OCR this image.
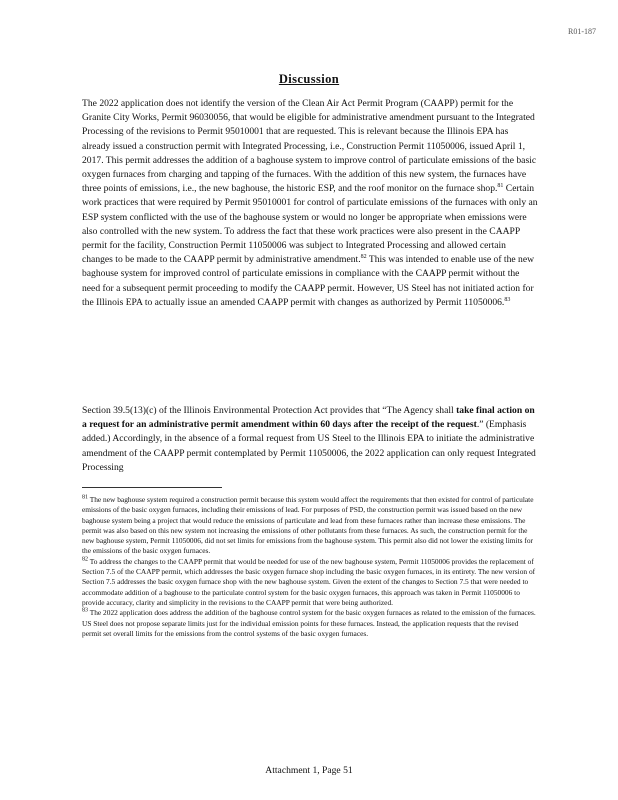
R01-187

Discussion

The 2022 application does not identify the version of the Clean Air Act Permit Program (CAAPP) permit for the Granite City Works, Permit 96030056, that would be eligible for administrative amendment pursuant to the Integrated Processing of the revisions to Permit 95010001 that are requested. This is relevant because the Illinois EPA has already issued a construction permit with Integrated Processing, i.e., Construction Permit 11050006, issued April 1, 2017. This permit addresses the addition of a baghouse system to improve control of particulate emissions of the basic oxygen furnaces from charging and tapping of the furnaces. With the addition of this new system, the furnaces have three points of emissions, i.e., the new baghouse, the historic ESP, and the roof monitor on the furnace shop.$^{81}$ Certain work practices that were required by Permit 95010001 for control of particulate emissions of the furnaces with only an ESP system conflicted with the use of the baghouse system or would no longer be appropriate when emissions were also controlled with the new system. To address the fact that these work practices were also present in the CAAPP permit for the facility, Construction Permit 11050006 was subject to Integrated Processing and allowed certain changes to be made to the CAAPP permit by administrative amendment.$^{82}$ This was intended to enable use of the new baghouse system for improved control of particulate emissions in compliance with the CAAPP permit without the need for a subsequent permit proceeding to modify the CAAPP permit. However, US Steel has not initiated action for the Illinois EPA to actually issue an amended CAAPP permit with changes as authorized by Permit 11050006.83

Section 39.5(13)(c) of the Illinois Environmental Protection Act provides that “The Agency shall take final action on a request for an administrative permit amendment within 60 days after the receipt of the request.” (Emphasis added.) Accordingly, in the absence of a formal request from US Steel to the Illinois EPA to initiate the administrative amendment of the CAAPP permit contemplated by Permit 11050006, the 2022 application can only request Integrated Processing

$^{81}$ The new baghouse system required a construction permit because this system would affect the requirements that then existed for control of particulate emissions of the basic oxygen furnaces, including their emissions of lead. For purposes of PSD, the construction permit was issued based on the new baghouse system being a project that would reduce the emissions of particulate and lead from these furnaces rather than increase these emissions. The permit was also based on this new system not increasing the emissions of other pollutants from these furnaces. As such, the construction permit for the new baghouse system, Permit 11050006, did not set limits for emissions from the baghouse system. This permit also did not lower the existing limits for the emissions of the basic oxygen furnaces.

$^{82}$ To address the changes to the CAAPP permit that would be needed for use of the new baghouse system, Permit 11050006 provides the replacement of Section 7.5 of the CAAPP permit, which addresses the basic oxygen furnace shop including the basic oxygen furnaces, in its entirety. The new version of Section 7.5 addresses the basic oxygen furnace shop with the new baghouse system. Given the extent of the changes to Section 7.5 that were needed to accommodate addition of a baghouse to the particulate control system for the basic oxygen furnaces, this approach was taken in Permit 11050006 to provide accuracy, clarity and simplicity in the revisions to the CAAPP permit that were being authorized.

$^{83}$ The 2022 application does address the addition of the baghouse control system for the basic oxygen furnaces as related to the emission of the furnaces. US Steel does not propose separate limits just for the individual emission points for these furnaces. Instead, the application requests that the revised permit set overall limits for the emissions from the control systems of the basic oxygen furnaces.

Attachment 1, Page 51
